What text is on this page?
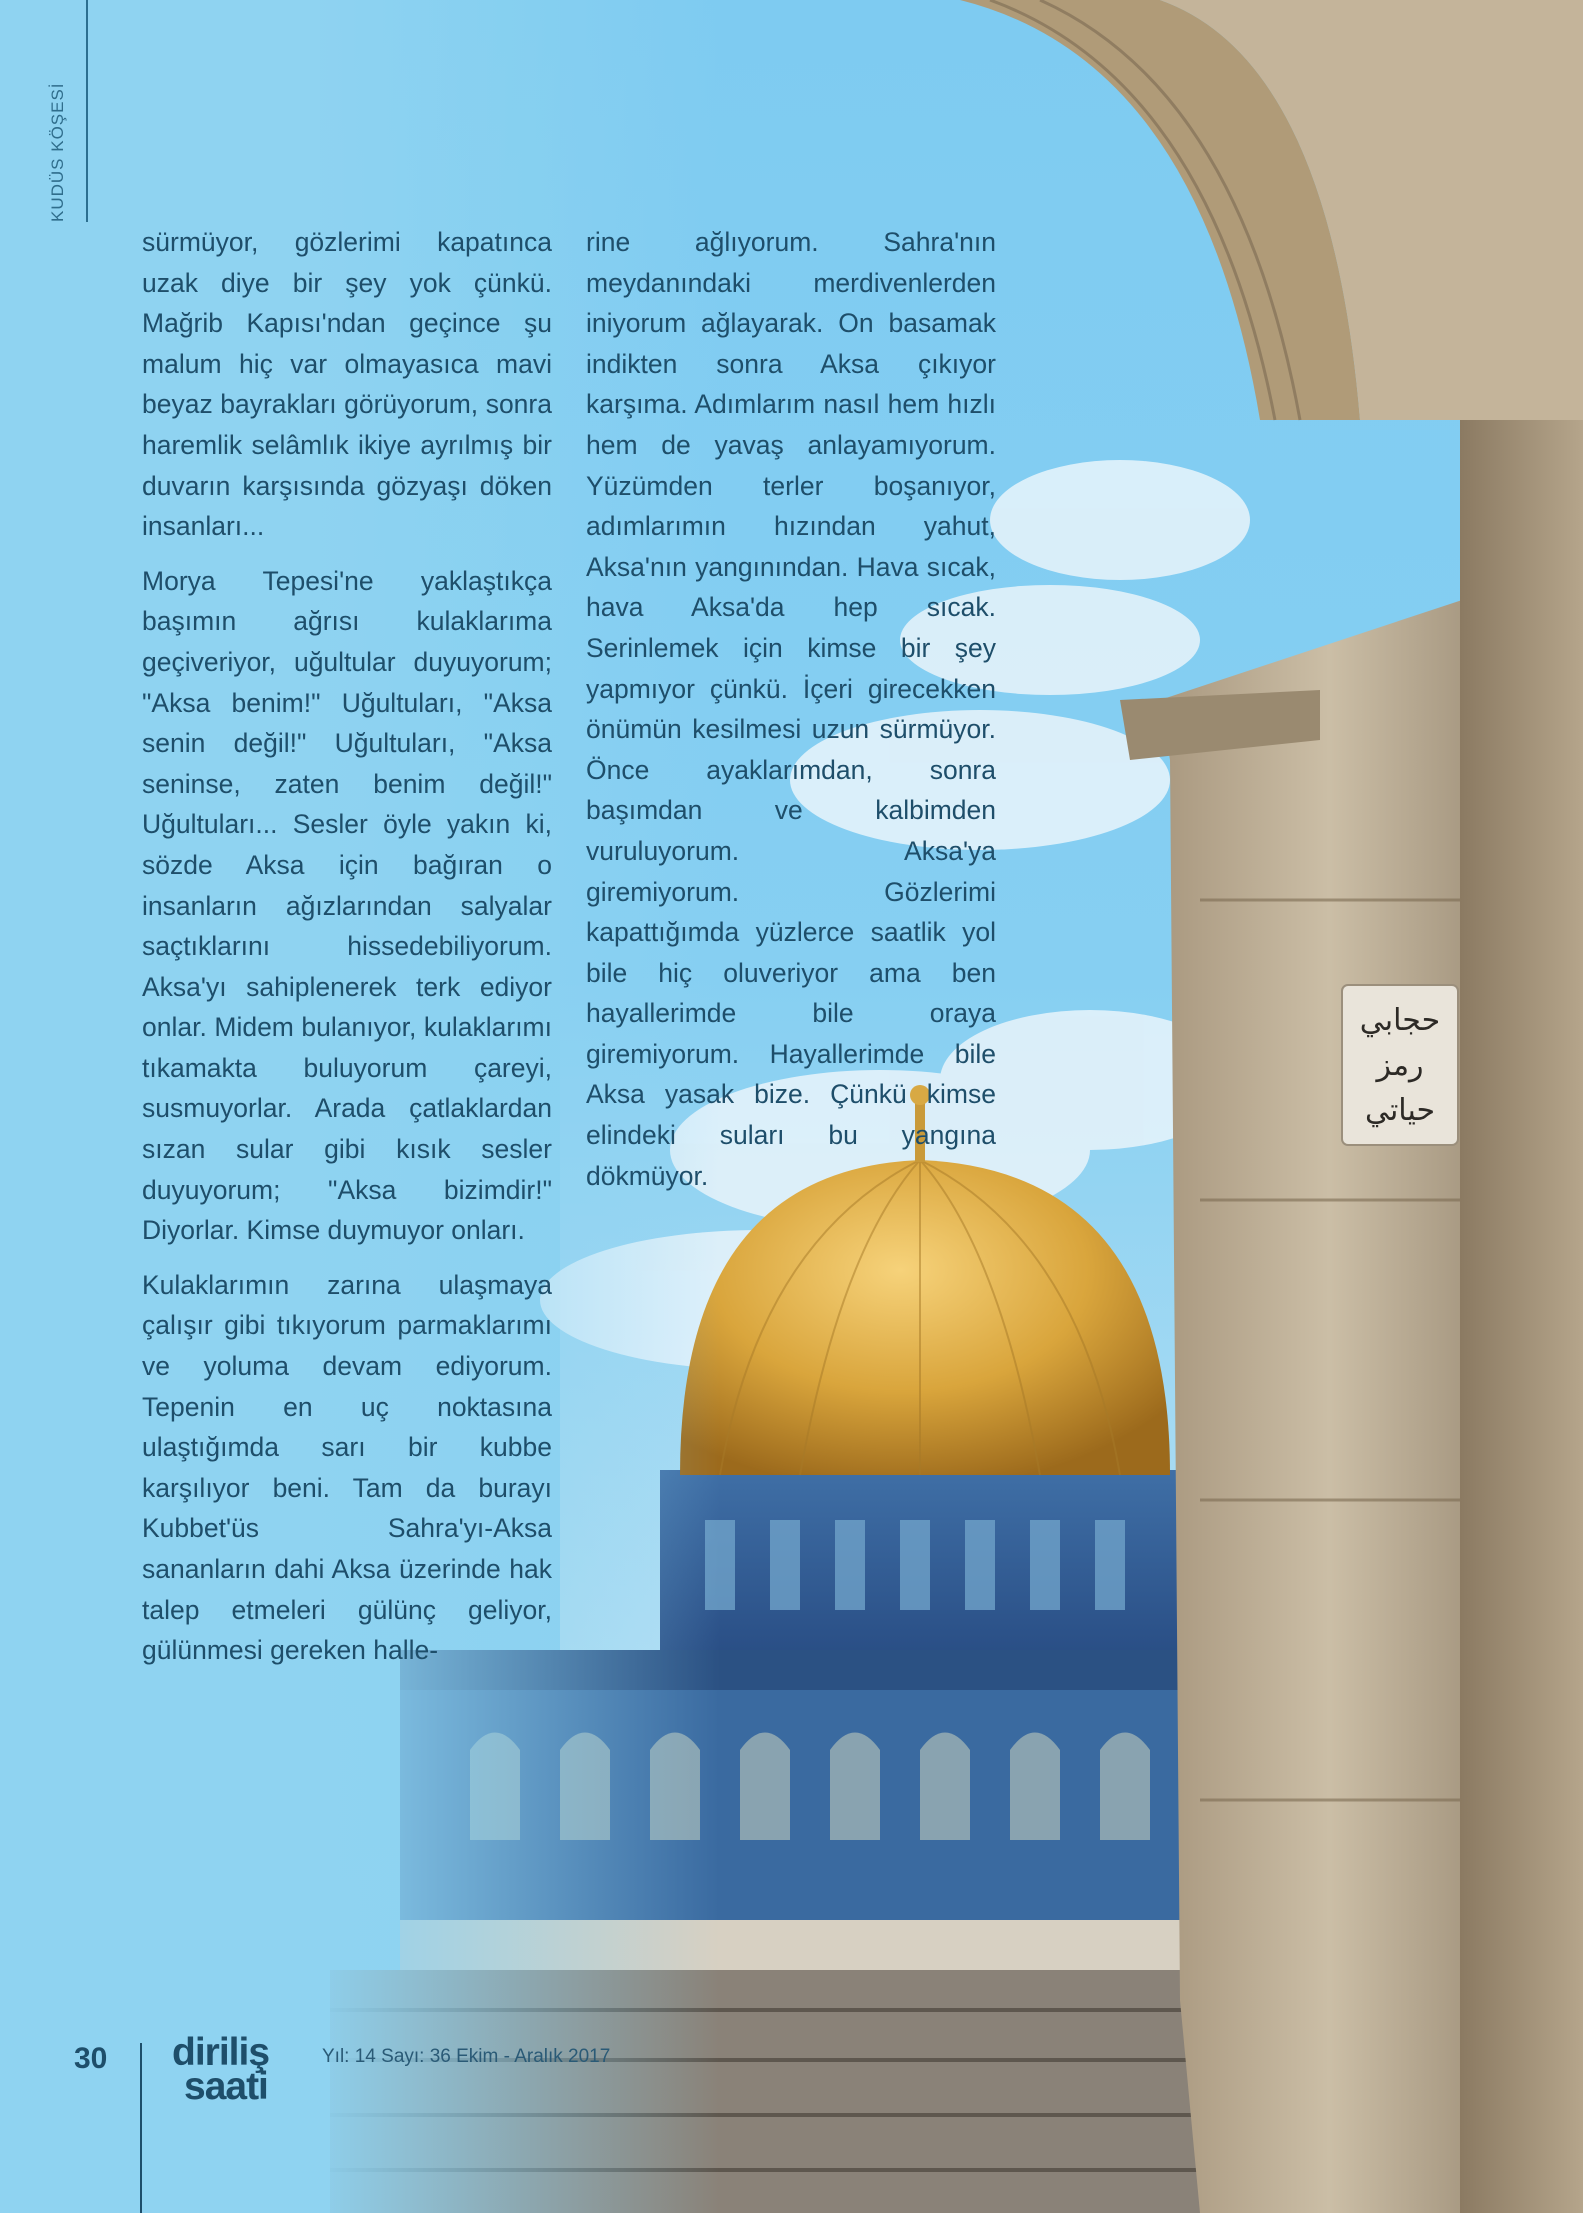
حجابي
رمز
حياتي
KUDÜS KÖŞESİ

sürmüyor, gözlerimi kapatınca uzak diye bir şey yok çünkü. Mağrib Kapısı'ndan geçince şu malum hiç var olmayasıca mavi beyaz bayrakları görüyorum, sonra haremlik selâmlık ikiye ayrılmış bir duvarın karşısında gözyaşı döken insanları...

Morya Tepesi'ne yaklaştıkça başımın ağrısı kulaklarıma geçiveriyor, uğultular duyuyorum; "Aksa benim!" Uğultuları, "Aksa senin değil!" Uğultuları, "Aksa seninse, zaten benim değil!" Uğultuları... Sesler öyle yakın ki, sözde Aksa için bağıran o insanların ağızlarından salyalar saçtıklarını hissedebiliyorum. Aksa'yı sahiplenerek terk ediyor onlar. Midem bulanıyor, kulaklarımı tıkamakta buluyorum çareyi, susmuyorlar. Arada çatlaklardan sızan sular gibi kısık sesler duyuyorum; "Aksa bizimdir!" Diyorlar. Kimse duymuyor onları.

Kulaklarımın zarına ulaşmaya çalışır gibi tıkıyorum parmaklarımı ve yoluma devam ediyorum. Tepenin en uç noktasına ulaştığımda sarı bir kubbe karşılıyor beni. Tam da burayı Kubbet'üs Sahra'yı-Aksa sananların dahi Aksa üzerinde hak talep etmeleri gülünç geliyor, gülünmesi gereken halle-

rine ağlıyorum. Sahra'nın meydanındaki merdivenlerden iniyorum ağlayarak. On basamak indikten sonra Aksa çıkıyor karşıma. Adımlarım nasıl hem hızlı hem de yavaş anlayamıyorum. Yüzümden terler boşanıyor, adımlarımın hızından yahut, Aksa'nın yangınından. Hava sıcak, hava Aksa'da hep sıcak. Serinlemek için kimse bir şey yapmıyor çünkü. İçeri girecekken önümün kesilmesi uzun sürmüyor. Önce ayaklarımdan, sonra başımdan ve kalbimden vuruluyorum. Aksa'ya giremiyorum. Gözlerimi kapattığımda yüzlerce saatlik yol bile hiç oluveriyor ama ben hayallerimde bile oraya giremiyorum. Hayallerimde bile Aksa yasak bize. Çünkü kimse elindeki suları bu yangına dökmüyor.

30 diriliş
saati
Yıl: 14 Sayı: 36 Ekim - Aralık 2017
